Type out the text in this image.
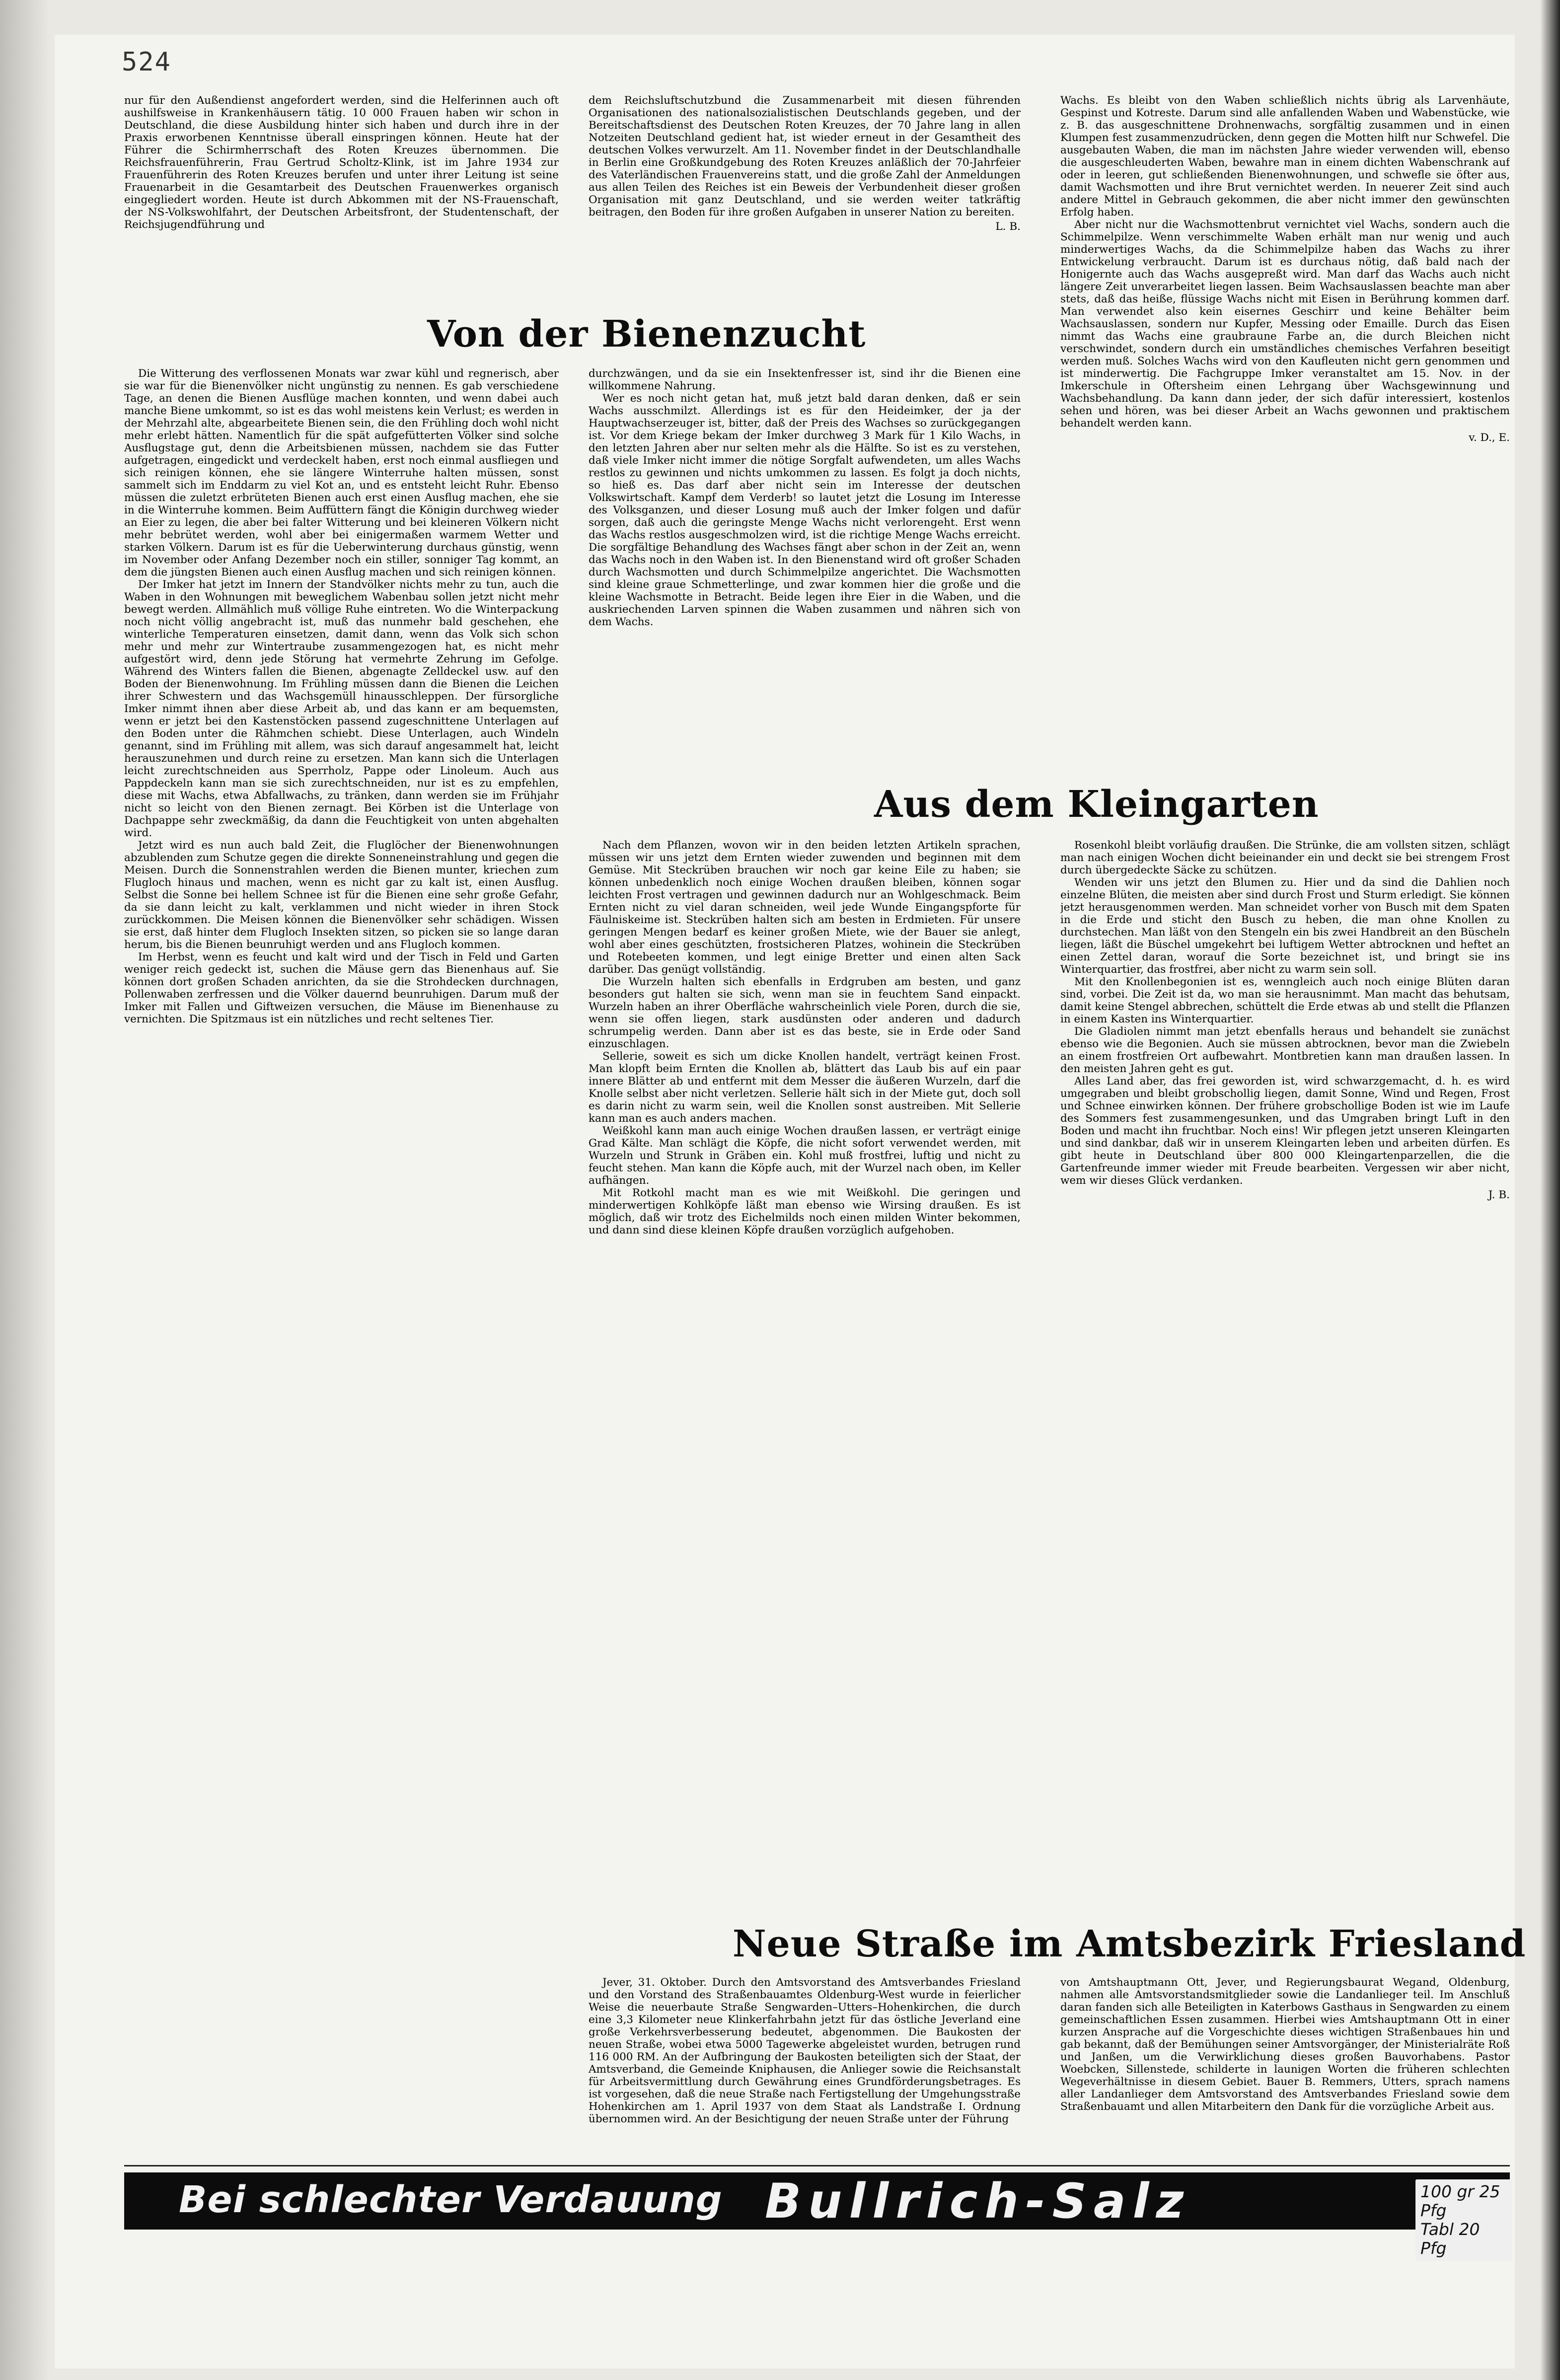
524

nur für den Außendienst angefordert werden, sind die Helferinnen auch oft aushilfsweise in Krankenhäusern tätig. 10 000 Frauen haben wir schon in Deutschland, die diese Ausbildung hinter sich haben und durch ihre in der Praxis erworbenen Kenntnisse überall einspringen können. Heute hat der Führer die Schirmherrschaft des Roten Kreuzes übernommen. Die Reichsfrauenführerin, Frau Gertrud Scholtz-Klink, ist im Jahre 1934 zur Frauenführerin des Roten Kreuzes berufen und unter ihrer Leitung ist seine Frauenarbeit in die Gesamtarbeit des Deutschen Frauenwerkes organisch eingegliedert worden. Heute ist durch Abkommen mit der NS-Frauenschaft, der NS-Volkswohlfahrt, der Deutschen Arbeitsfront, der Studentenschaft, der Reichsjugendführung und

dem Reichsluftschutzbund die Zusammenarbeit mit diesen führenden Organisationen des nationalsozialistischen Deutschlands gegeben, und der Bereitschaftsdienst des Deutschen Roten Kreuzes, der 70 Jahre lang in allen Notzeiten Deutschland gedient hat, ist wieder erneut in der Gesamtheit des deutschen Volkes verwurzelt. Am 11. November findet in der Deutschlandhalle in Berlin eine Großkundgebung des Roten Kreuzes anläßlich der 70-Jahrfeier des Vaterländischen Frauenvereins statt, und die große Zahl der Anmeldungen aus allen Teilen des Reiches ist ein Beweis der Verbundenheit dieser großen Organisation mit ganz Deutschland, und sie werden weiter tatkräftig beitragen, den Boden für ihre großen Aufgaben in unserer Nation zu bereiten.

L. B.
Von der Bienenzucht

Die Witterung des verflossenen Monats war zwar kühl und regnerisch, aber sie war für die Bienenvölker nicht ungünstig zu nennen. Es gab verschiedene Tage, an denen die Bienen Ausflüge machen konnten, und wenn dabei auch manche Biene umkommt, so ist es das wohl meistens kein Verlust; es werden in der Mehrzahl alte, abgearbeitete Bienen sein, die den Frühling doch wohl nicht mehr erlebt hätten. Namentlich für die spät aufgefütterten Völker sind solche Ausflugstage gut, denn die Arbeitsbienen müssen, nachdem sie das Futter aufgetragen, eingedickt und verdeckelt haben, erst noch einmal ausfliegen und sich reinigen können, ehe sie längere Winterruhe halten müssen, sonst sammelt sich im Enddarm zu viel Kot an, und es entsteht leicht Ruhr. Ebenso müssen die zuletzt erbrüteten Bienen auch erst einen Ausflug machen, ehe sie in die Winterruhe kommen. Beim Auffüttern fängt die Königin durchweg wieder an Eier zu legen, die aber bei falter Witterung und bei kleineren Völkern nicht mehr bebrütet werden, wohl aber bei einigermaßen warmem Wetter und starken Völkern. Darum ist es für die Ueberwinterung durchaus günstig, wenn im November oder Anfang Dezember noch ein stiller, sonniger Tag kommt, an dem die jüngsten Bienen auch einen Ausflug machen und sich reinigen können.

Der Imker hat jetzt im Innern der Standvölker nichts mehr zu tun, auch die Waben in den Wohnungen mit beweglichem Wabenbau sollen jetzt nicht mehr bewegt werden. Allmählich muß völlige Ruhe eintreten. Wo die Winterpackung noch nicht völlig angebracht ist, muß das nunmehr bald geschehen, ehe winterliche Temperaturen einsetzen, damit dann, wenn das Volk sich schon mehr und mehr zur Wintertraube zusammengezogen hat, es nicht mehr aufgestört wird, denn jede Störung hat vermehrte Zehrung im Gefolge. Während des Winters fallen die Bienen, abgenagte Zelldeckel usw. auf den Boden der Bienenwohnung. Im Frühling müssen dann die Bienen die Leichen ihrer Schwestern und das Wachsgemüll hinausschleppen. Der fürsorgliche Imker nimmt ihnen aber diese Arbeit ab, und das kann er am bequemsten, wenn er jetzt bei den Kastenstöcken passend zugeschnittene Unterlagen auf den Boden unter die Rähmchen schiebt. Diese Unterlagen, auch Windeln genannt, sind im Frühling mit allem, was sich darauf angesammelt hat, leicht herauszunehmen und durch reine zu ersetzen. Man kann sich die Unterlagen leicht zurechtschneiden aus Sperrholz, Pappe oder Linoleum. Auch aus Pappdeckeln kann man sie sich zurechtschneiden, nur ist es zu empfehlen, diese mit Wachs, etwa Abfallwachs, zu tränken, dann werden sie im Frühjahr nicht so leicht von den Bienen zernagt. Bei Körben ist die Unterlage von Dachpappe sehr zweckmäßig, da dann die Feuchtigkeit von unten abgehalten wird.

Jetzt wird es nun auch bald Zeit, die Fluglöcher der Bienenwohnungen abzublenden zum Schutze gegen die direkte Sonneneinstrahlung und gegen die Meisen. Durch die Sonnenstrahlen werden die Bienen munter, kriechen zum Flugloch hinaus und machen, wenn es nicht gar zu kalt ist, einen Ausflug. Selbst die Sonne bei hellem Schnee ist für die Bienen eine sehr große Gefahr, da sie dann leicht zu kalt, verklammen und nicht wieder in ihren Stock zurückkommen. Die Meisen können die Bienenvölker sehr schädigen. Wissen sie erst, daß hinter dem Flugloch Insekten sitzen, so picken sie so lange daran herum, bis die Bienen beunruhigt werden und ans Flugloch kommen.

Im Herbst, wenn es feucht und kalt wird und der Tisch in Feld und Garten weniger reich gedeckt ist, suchen die Mäuse gern das Bienenhaus auf. Sie können dort großen Schaden anrichten, da sie die Strohdecken durchnagen, Pollenwaben zerfressen und die Völker dauernd beunruhigen. Darum muß der Imker mit Fallen und Giftweizen versuchen, die Mäuse im Bienenhause zu vernichten. Die Spitzmaus ist ein nützliches und recht seltenes Tier.

durchzwängen, und da sie ein Insektenfresser ist, sind ihr die Bienen eine willkommene Nahrung.

Wer es noch nicht getan hat, muß jetzt bald daran denken, daß er sein Wachs ausschmilzt. Allerdings ist es für den Heideimker, der ja der Hauptwachserzeuger ist, bitter, daß der Preis des Wachses so zurückgegangen ist. Vor dem Kriege bekam der Imker durchweg 3 Mark für 1 Kilo Wachs, in den letzten Jahren aber nur selten mehr als die Hälfte. So ist es zu verstehen, daß viele Imker nicht immer die nötige Sorgfalt aufwendeten, um alles Wachs restlos zu gewinnen und nichts umkommen zu lassen. Es folgt ja doch nichts, so hieß es. Das darf aber nicht sein im Interesse der deutschen Volkswirtschaft. Kampf dem Verderb! so lautet jetzt die Losung im Interesse des Volksganzen, und dieser Losung muß auch der Imker folgen und dafür sorgen, daß auch die geringste Menge Wachs nicht verlorengeht. Erst wenn das Wachs restlos ausgeschmolzen wird, ist die richtige Menge Wachs erreicht. Die sorgfältige Behandlung des Wachses fängt aber schon in der Zeit an, wenn das Wachs noch in den Waben ist. In den Bienenstand wird oft großer Schaden durch Wachsmotten und durch Schimmelpilze angerichtet. Die Wachsmotten sind kleine graue Schmetterlinge, und zwar kommen hier die große und die kleine Wachsmotte in Betracht. Beide legen ihre Eier in die Waben, und die auskriechenden Larven spinnen die Waben zusammen und nähren sich von dem Wachs.

Wachs. Es bleibt von den Waben schließlich nichts übrig als Larvenhäute, Gespinst und Kotreste. Darum sind alle anfallenden Waben und Wabenstücke, wie z. B. das ausgeschnittene Drohnenwachs, sorgfältig zusammen und in einen Klumpen fest zusammenzudrücken, denn gegen die Motten hilft nur Schwefel. Die ausgebauten Waben, die man im nächsten Jahre wieder verwenden will, ebenso die ausgeschleuderten Waben, bewahre man in einem dichten Wabenschrank auf oder in leeren, gut schließenden Bienenwohnungen, und schwefle sie öfter aus, damit Wachsmotten und ihre Brut vernichtet werden. In neuerer Zeit sind auch andere Mittel in Gebrauch gekommen, die aber nicht immer den gewünschten Erfolg haben.

Aber nicht nur die Wachsmottenbrut vernichtet viel Wachs, sondern auch die Schimmelpilze. Wenn verschimmelte Waben erhält man nur wenig und auch minderwertiges Wachs, da die Schimmelpilze haben das Wachs zu ihrer Entwickelung verbraucht. Darum ist es durchaus nötig, daß bald nach der Honigernte auch das Wachs ausgepreßt wird. Man darf das Wachs auch nicht längere Zeit unverarbeitet liegen lassen. Beim Wachsauslassen beachte man aber stets, daß das heiße, flüssige Wachs nicht mit Eisen in Berührung kommen darf. Man verwendet also kein eisernes Geschirr und keine Behälter beim Wachsauslassen, sondern nur Kupfer, Messing oder Emaille. Durch das Eisen nimmt das Wachs eine graubraune Farbe an, die durch Bleichen nicht verschwindet, sondern durch ein umständliches chemisches Verfahren beseitigt werden muß. Solches Wachs wird von den Kaufleuten nicht gern genommen und ist minderwertig. Die Fachgruppe Imker veranstaltet am 15. Nov. in der Imkerschule in Oftersheim einen Lehrgang über Wachsgewinnung und Wachsbehandlung. Da kann dann jeder, der sich dafür interessiert, kostenlos sehen und hören, was bei dieser Arbeit an Wachs gewonnen und praktischem behandelt werden kann.

v. D., E.
Aus dem Kleingarten

Nach dem Pflanzen, wovon wir in den beiden letzten Artikeln sprachen, müssen wir uns jetzt dem Ernten wieder zuwenden und beginnen mit dem Gemüse. Mit Steckrüben brauchen wir noch gar keine Eile zu haben; sie können unbedenklich noch einige Wochen draußen bleiben, können sogar leichten Frost vertragen und gewinnen dadurch nur an Wohlgeschmack. Beim Ernten nicht zu viel daran schneiden, weil jede Wunde Eingangspforte für Fäulniskeime ist. Steckrüben halten sich am besten in Erdmieten. Für unsere geringen Mengen bedarf es keiner großen Miete, wie der Bauer sie anlegt, wohl aber eines geschützten, frostsicheren Platzes, wohinein die Steckrüben und Rotebeeten kommen, und legt einige Bretter und einen alten Sack darüber. Das genügt vollständig.

Die Wurzeln halten sich ebenfalls in Erdgruben am besten, und ganz besonders gut halten sie sich, wenn man sie in feuchtem Sand einpackt. Wurzeln haben an ihrer Oberfläche wahrscheinlich viele Poren, durch die sie, wenn sie offen liegen, stark ausdünsten oder anderen und dadurch schrumpelig werden. Dann aber ist es das beste, sie in Erde oder Sand einzuschlagen.

Sellerie, soweit es sich um dicke Knollen handelt, verträgt keinen Frost. Man klopft beim Ernten die Knollen ab, blättert das Laub bis auf ein paar innere Blätter ab und entfernt mit dem Messer die äußeren Wurzeln, darf die Knolle selbst aber nicht verletzen. Sellerie hält sich in der Miete gut, doch soll es darin nicht zu warm sein, weil die Knollen sonst austreiben. Mit Sellerie kann man es auch anders machen.

Weißkohl kann man auch einige Wochen draußen lassen, er verträgt einige Grad Kälte. Man schlägt die Köpfe, die nicht sofort verwendet werden, mit Wurzeln und Strunk in Gräben ein. Kohl muß frostfrei, luftig und nicht zu feucht stehen. Man kann die Köpfe auch, mit der Wurzel nach oben, im Keller aufhängen.

Mit Rotkohl macht man es wie mit Weißkohl. Die geringen und minderwertigen Kohlköpfe läßt man ebenso wie Wirsing draußen. Es ist möglich, daß wir trotz des Eichelmilds noch einen milden Winter bekommen, und dann sind diese kleinen Köpfe draußen vorzüglich aufgehoben.

Rosenkohl bleibt vorläufig draußen. Die Strünke, die am vollsten sitzen, schlägt man nach einigen Wochen dicht beieinander ein und deckt sie bei strengem Frost durch übergedeckte Säcke zu schützen.

Wenden wir uns jetzt den Blumen zu. Hier und da sind die Dahlien noch einzelne Blüten, die meisten aber sind durch Frost und Sturm erledigt. Sie können jetzt herausgenommen werden. Man schneidet vorher von Busch mit dem Spaten in die Erde und sticht den Busch zu heben, die man ohne Knollen zu durchstechen. Man läßt von den Stengeln ein bis zwei Handbreit an den Büscheln liegen, läßt die Büschel umgekehrt bei luftigem Wetter abtrocknen und heftet an einen Zettel daran, worauf die Sorte bezeichnet ist, und bringt sie ins Winterquartier, das frostfrei, aber nicht zu warm sein soll.

Mit den Knollenbegonien ist es, wenngleich auch noch einige Blüten daran sind, vorbei. Die Zeit ist da, wo man sie herausnimmt. Man macht das behutsam, damit keine Stengel abbrechen, schüttelt die Erde etwas ab und stellt die Pflanzen in einem Kasten ins Winterquartier.

Die Gladiolen nimmt man jetzt ebenfalls heraus und behandelt sie zunächst ebenso wie die Begonien. Auch sie müssen abtrocknen, bevor man die Zwiebeln an einem frostfreien Ort aufbewahrt. Montbretien kann man draußen lassen. In den meisten Jahren geht es gut.

Alles Land aber, das frei geworden ist, wird schwarzgemacht, d. h. es wird umgegraben und bleibt grobschollig liegen, damit Sonne, Wind und Regen, Frost und Schnee einwirken können. Der frühere grobschollige Boden ist wie im Laufe des Sommers fest zusammengesunken, und das Umgraben bringt Luft in den Boden und macht ihn fruchtbar. Noch eins! Wir pflegen jetzt unseren Kleingarten und sind dankbar, daß wir in unserem Kleingarten leben und arbeiten dürfen. Es gibt heute in Deutschland über 800 000 Kleingartenparzellen, die die Gartenfreunde immer wieder mit Freude bearbeiten. Vergessen wir aber nicht, wem wir dieses Glück verdanken.

J. B.
Neue Straße im Amtsbezirk Friesland

Jever, 31. Oktober. Durch den Amtsvorstand des Amtsverbandes Friesland und den Vorstand des Straßenbauamtes Oldenburg-West wurde in feierlicher Weise die neuerbaute Straße Sengwarden–Utters–Hohenkirchen, die durch eine 3,3 Kilometer neue Klinkerfahrbahn jetzt für das östliche Jeverland eine große Verkehrsverbesserung bedeutet, abgenommen. Die Baukosten der neuen Straße, wobei etwa 5000 Tagewerke abgeleistet wurden, betrugen rund 116 000 RM. An der Aufbringung der Baukosten beteiligten sich der Staat, der Amtsverband, die Gemeinde Kniphausen, die Anlieger sowie die Reichsanstalt für Arbeitsvermittlung durch Gewährung eines Grundförderungsbetrages. Es ist vorgesehen, daß die neue Straße nach Fertigstellung der Umgehungsstraße Hohenkirchen am 1. April 1937 von dem Staat als Landstraße I. Ordnung übernommen wird. An der Besichtigung der neuen Straße unter der Führung

von Amtshauptmann Ott, Jever, und Regierungsbaurat Wegand, Oldenburg, nahmen alle Amtsvorstandsmitglieder sowie die Landanlieger teil. Im Anschluß daran fanden sich alle Beteiligten in Katerbows Gasthaus in Sengwarden zu einem gemeinschaftlichen Essen zusammen. Hierbei wies Amtshauptmann Ott in einer kurzen Ansprache auf die Vorgeschichte dieses wichtigen Straßenbaues hin und gab bekannt, daß der Bemühungen seiner Amtsvorgänger, der Ministerialräte Roß und Janßen, um die Verwirklichung dieses großen Bauvorhabens. Pastor Woebcken, Sillenstede, schilderte in launigen Worten die früheren schlechten Wegeverhältnisse in diesem Gebiet. Bauer B. Remmers, Utters, sprach namens aller Landanlieger dem Amtsvorstand des Amtsverbandes Friesland sowie dem Straßenbauamt und allen Mitarbeitern den Dank für die vorzügliche Arbeit aus.

Bei schlechter Verdauung Bullrich-Salz	100 gr 25 Pfg
Tabl 20 Pfg
